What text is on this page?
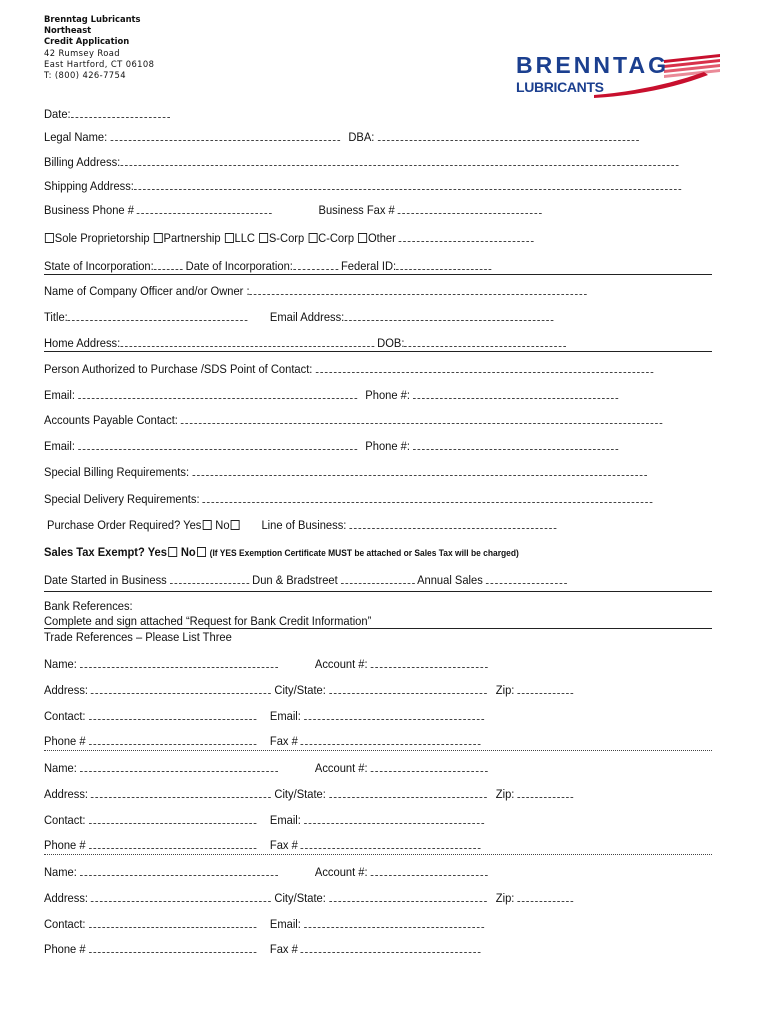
Brenntag Lubricants
Northeast
Credit Application
42 Rumsey Road
East Hartford, CT 06108
T: (800) 426-7754	BRENNTAG
LUBRICANTS
Date:
Legal Name:	DBA:
Billing Address:
Shipping Address:
Business Phone #	Business Fax #
Sole Proprietorship Partnership LLC S-Corp C-Corp Other
State of Incorporation:	Date of Incorporation:	Federal ID:
Name of Company Officer and/or Owner :
Title:	Email Address:
Home Address:	DOB:
Person Authorized to Purchase /SDS Point of Contact:
Email:	Phone #:
Accounts Payable Contact:
Email:	Phone #:
Special Billing Requirements:
Special Delivery Requirements:
Purchase Order Required? Yes No	Line of Business:
Sales Tax Exempt? Yes No (If YES Exemption Certificate MUST be attached or Sales Tax will be charged)
Date Started in Business	Dun & Bradstreet	Annual Sales
Bank References:
Complete and sign attached “Request for Bank Credit Information”
Trade References – Please List Three
Name:	Account #:
Address:	City/State:	Zip:
Contact:	Email:
Phone #	Fax #
Name:	Account #:
Address:	City/State:	Zip:
Contact:	Email:
Phone #	Fax #
Name:	Account #:
Address:	City/State:	Zip:
Contact:	Email:
Phone #	Fax #
